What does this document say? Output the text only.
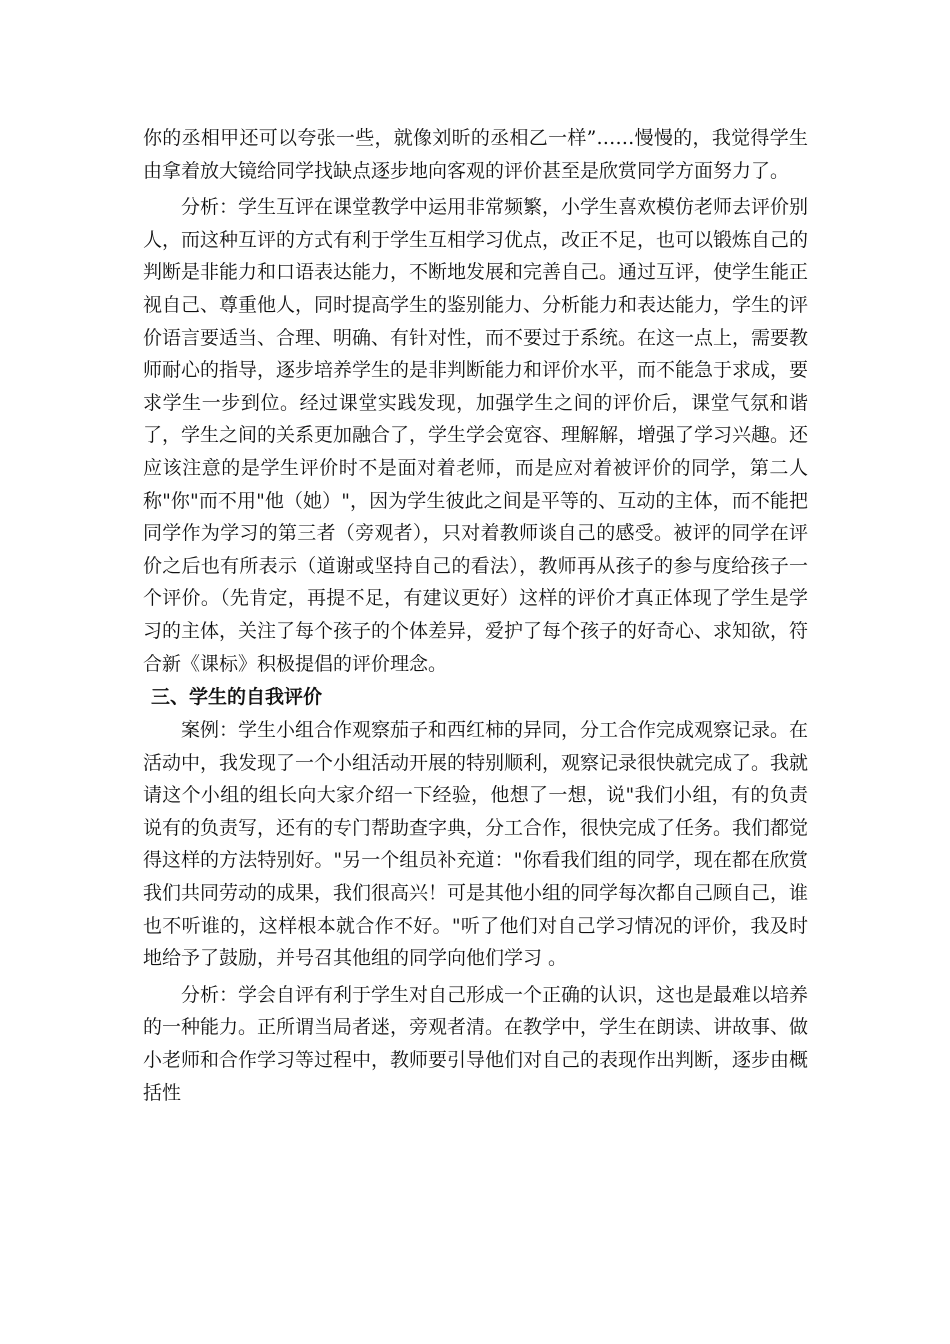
你的丞相甲还可以夸张一些，就像刘昕的丞相乙一样”……慢慢的，我觉得学生由拿着放大镜给同学找缺点逐步地向客观的评价甚至是欣赏同学方面努力了。

分析：学生互评在课堂教学中运用非常频繁，小学生喜欢模仿老师去评价别人，而这种互评的方式有利于学生互相学习优点，改正不足，也可以锻炼自己的判断是非能力和口语表达能力，不断地发展和完善自己。通过互评，使学生能正视自己、尊重他人，同时提高学生的鉴别能力、分析能力和表达能力，学生的评价语言要适当、合理、明确、有针对性，而不要过于系统。在这一点上，需要教师耐心的指导，逐步培养学生的是非判断能力和评价水平，而不能急于求成，要求学生一步到位。经过课堂实践发现，加强学生之间的评价后，课堂气氛和谐了，学生之间的关系更加融合了，学生学会宽容、理解解，增强了学习兴趣。还应该注意的是学生评价时不是面对着老师，而是应对着被评价的同学，第二人称"你"而不用"他（她）"，因为学生彼此之间是平等的、互动的主体，而不能把同学作为学习的第三者（旁观者），只对着教师谈自己的感受。被评的同学在评价之后也有所表示（道谢或坚持自己的看法），教师再从孩子的参与度给孩子一个评价。（先肯定，再提不足，有建议更好）这样的评价才真正体现了学生是学习的主体，关注了每个孩子的个体差异，爱护了每个孩子的好奇心、求知欲，符合新《课标》积极提倡的评价理念。

三、学生的自我评价

案例：学生小组合作观察茄子和西红柿的异同，分工合作完成观察记录。在活动中，我发现了一个小组活动开展的特别顺利，观察记录很快就完成了。我就请这个小组的组长向大家介绍一下经验，他想了一想，说"我们小组，有的负责说有的负责写，还有的专门帮助查字典，分工合作，很快完成了任务。我们都觉得这样的方法特别好。"另一个组员补充道："你看我们组的同学，现在都在欣赏我们共同劳动的成果，我们很高兴！可是其他小组的同学每次都自己顾自己，谁也不听谁的，这样根本就合作不好。"听了他们对自己学习情况的评价，我及时地给予了鼓励，并号召其他组的同学向他们学习 。

分析：学会自评有利于学生对自己形成一个正确的认识，这也是最难以培养的一种能力。正所谓当局者迷，旁观者清。在教学中，学生在朗读、讲故事、做小老师和合作学习等过程中，教师要引导他们对自己的表现作出判断，逐步由概括性
